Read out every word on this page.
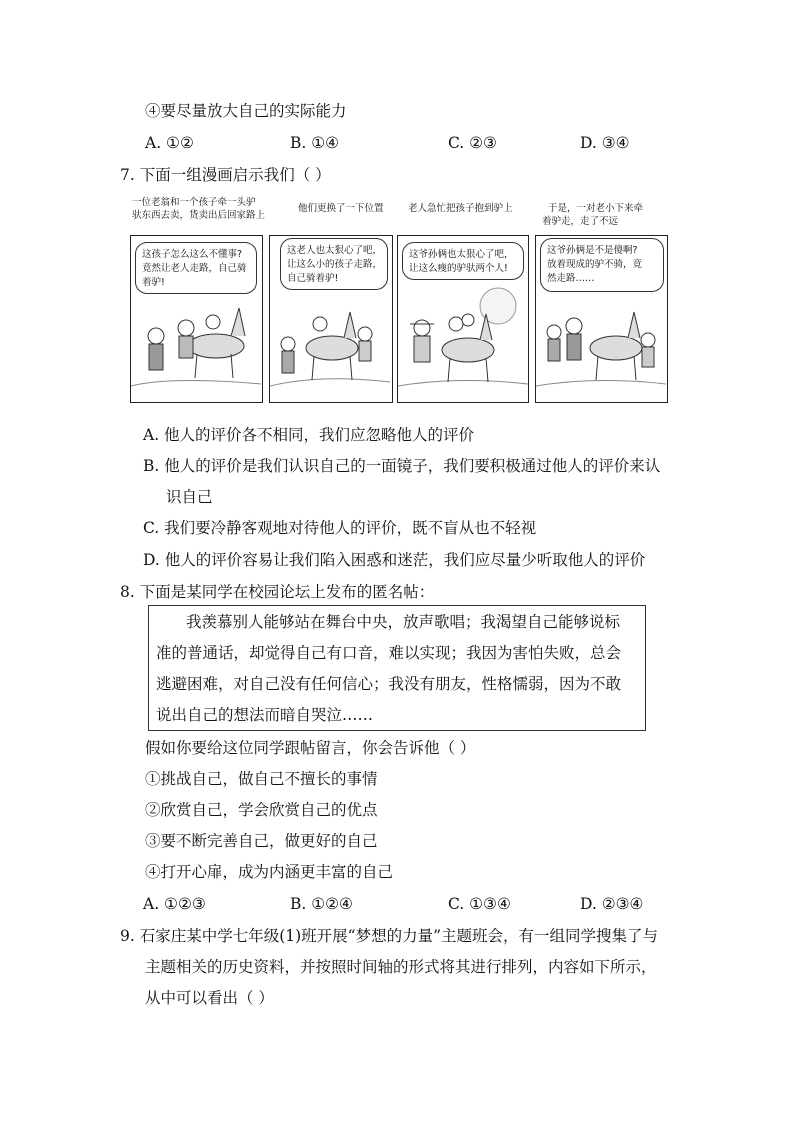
④要尽量放大自己的实际能力
A. ①②	B. ①④	C. ②③	D. ③④
7. 下面一组漫画启示我们（ ）
一位老翁和一个孩子牵一头驴
驮东西去卖，货卖出后回家路上
他们更换了一下位置	老人急忙把孩子抱到驴上	于是，一对老小下来牵
着驴走，走了不远
这孩子怎么这么不懂事?
竟然让老人走路，自己骑
着驴!
这老人也太狠心了吧，
让这么小的孩子走路，
自己骑着驴!
这爷孙俩也太狠心了吧，
让这么瘦的驴驮两个人!
这爷孙俩是不是傻啊?
放着现成的驴不骑，竟
然走路……
A. 他人的评价各不相同，我们应忽略他人的评价
B. 他人的评价是我们认识自己的一面镜子，我们要积极通过他人的评价来认
识自己
C. 我们要冷静客观地对待他人的评价，既不盲从也不轻视
D. 他人的评价容易让我们陷入困惑和迷茫，我们应尽量少听取他人的评价
8. 下面是某同学在校园论坛上发布的匿名帖：
我羡慕别人能够站在舞台中央，放声歌唱；我渴望自己能够说标
准的普通话，却觉得自己有口音，难以实现；我因为害怕失败，总会
逃避困难，对自己没有任何信心；我没有朋友，性格懦弱，因为不敢
说出自己的想法而暗自哭泣……
假如你要给这位同学跟帖留言，你会告诉他（ ）
①挑战自己，做自己不擅长的事情
②欣赏自己，学会欣赏自己的优点
③要不断完善自己，做更好的自己
④打开心扉，成为内涵更丰富的自己
A. ①②③	B. ①②④	C. ①③④	D. ②③④
9. 石家庄某中学七年级(1)班开展“梦想的力量”主题班会，有一组同学搜集了与
主题相关的历史资料，并按照时间轴的形式将其进行排列，内容如下所示，
从中可以看出（ ）
